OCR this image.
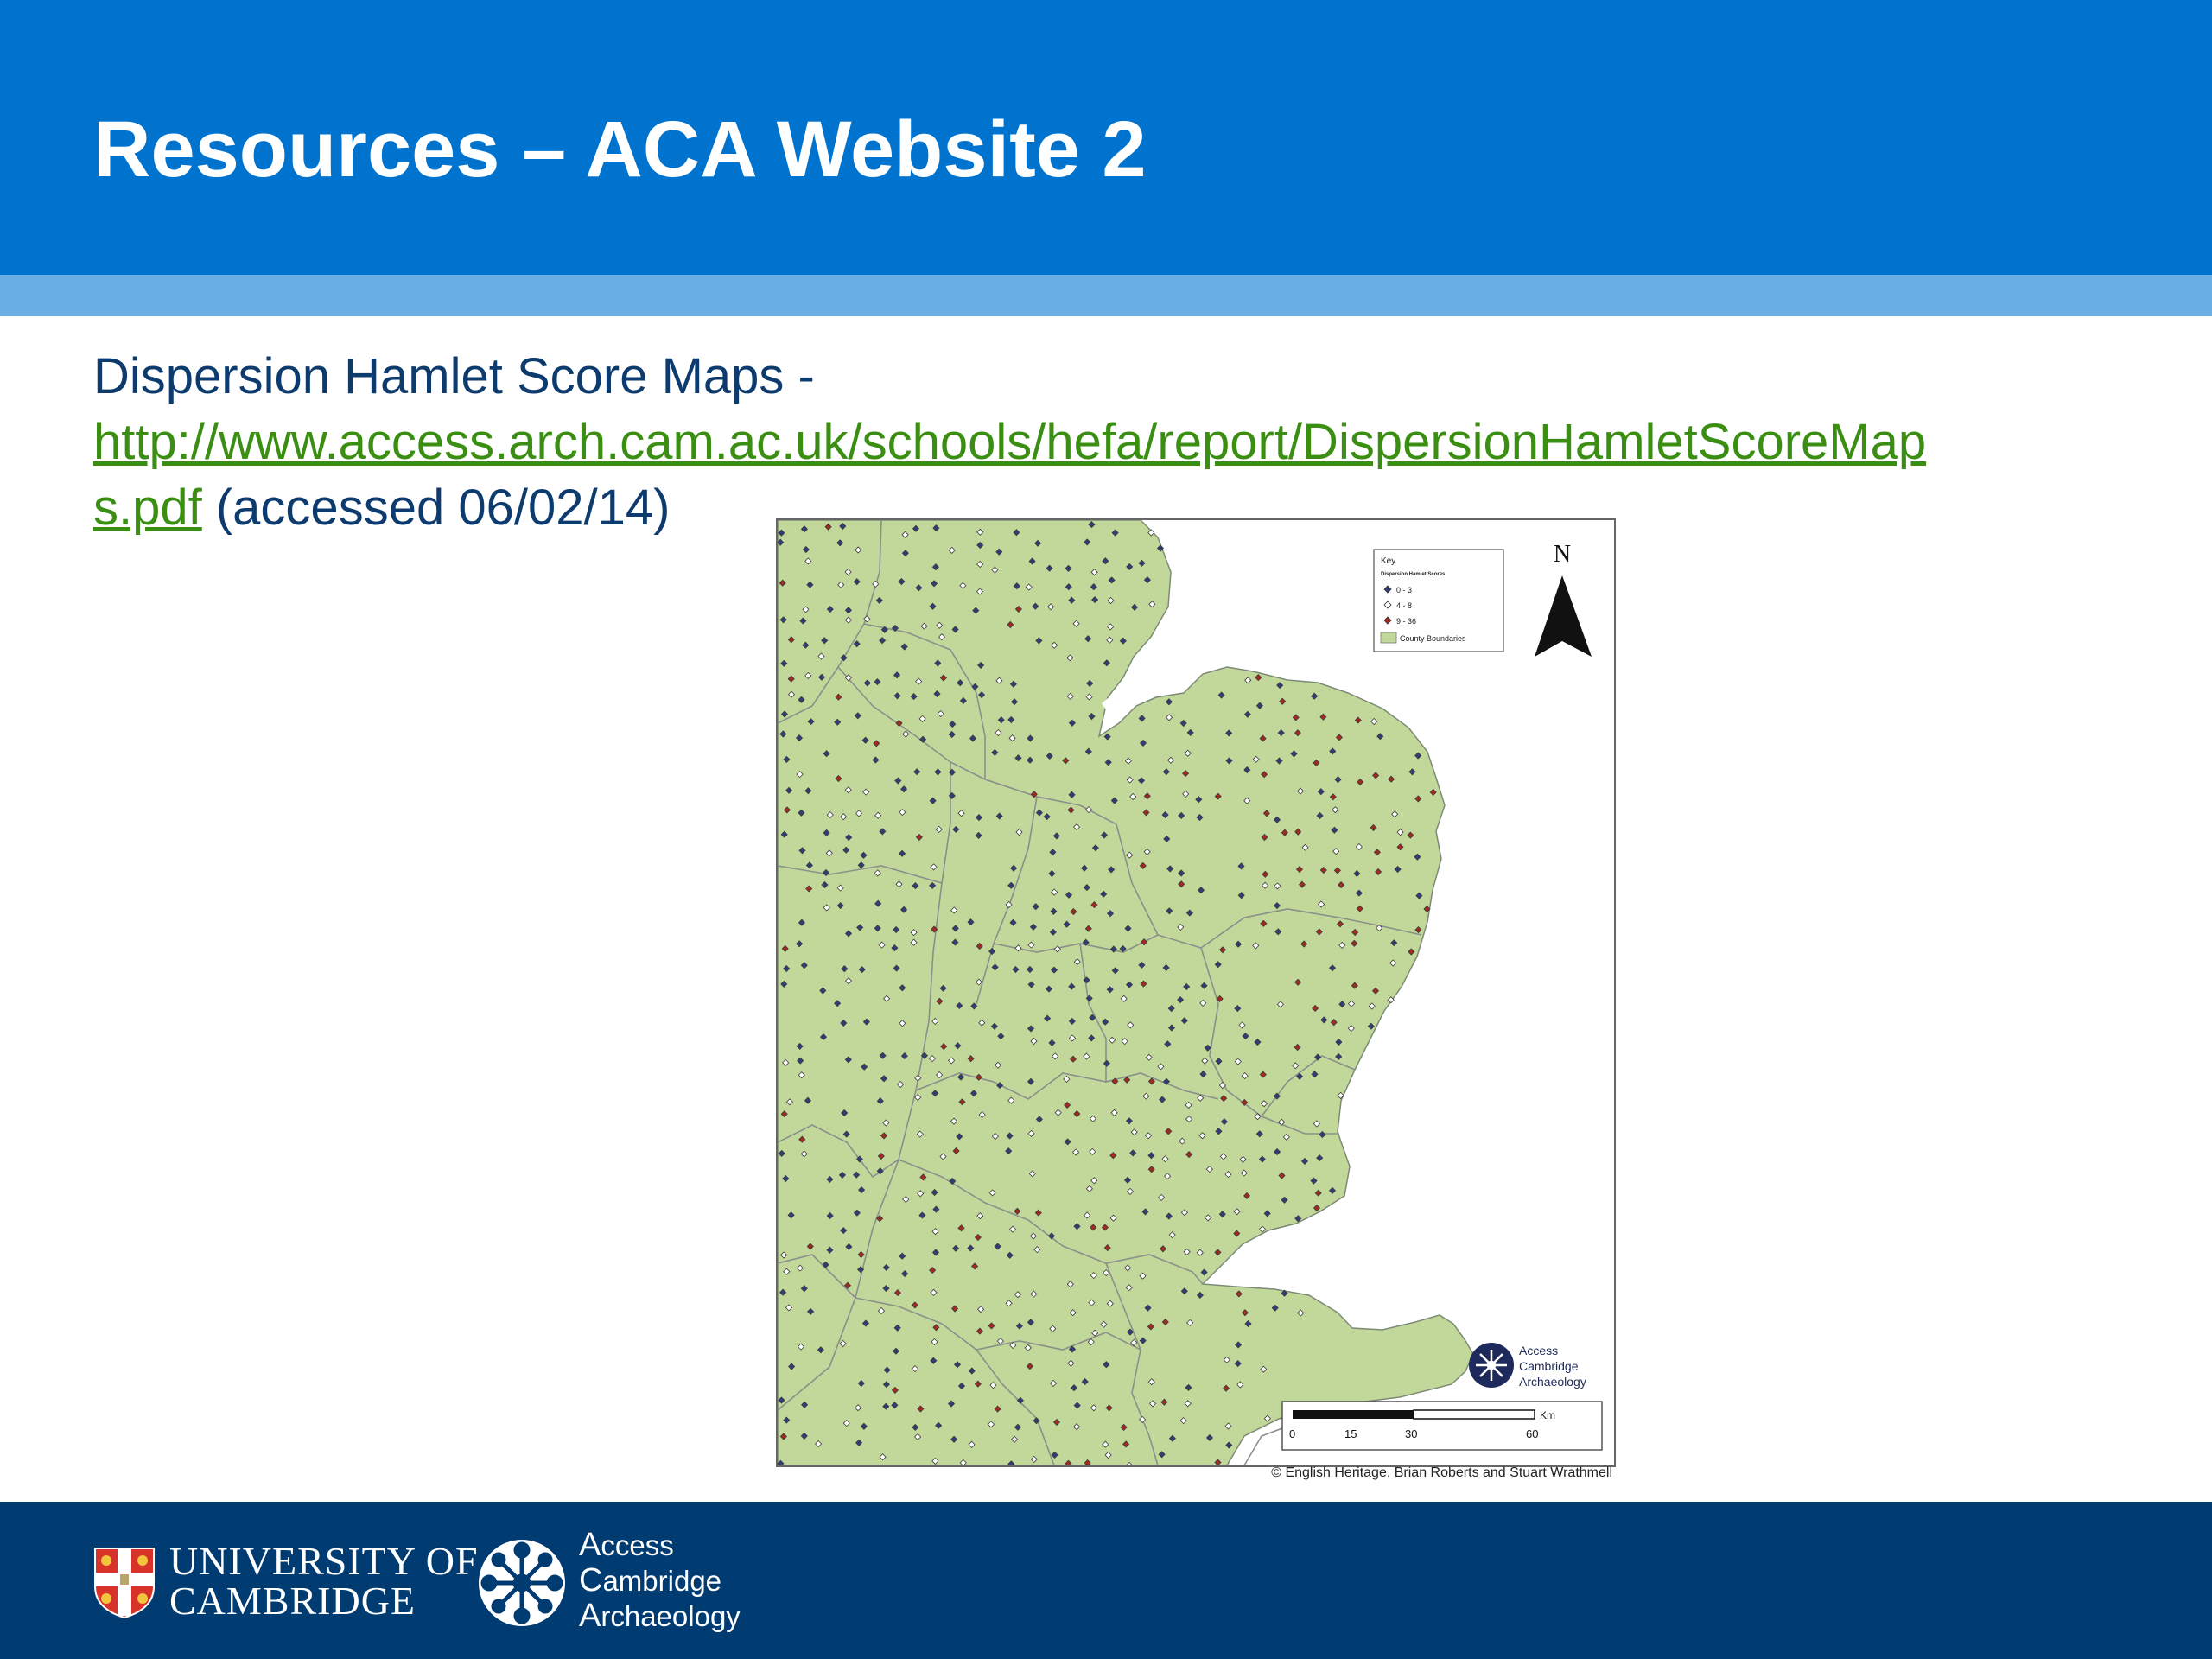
Resources – ACA Website 2
Dispersion Hamlet Score Maps -
http://www.access.arch.cam.ac.uk/schools/hefa/report/DispersionHamletScoreMap
s.pdf (accessed 06/02/14)
Key
Dispersion Hamlet Scores
0 - 3
4 - 8
9 - 36
County Boundaries
N
Access
Cambridge
Archaeology
Km
0	15	30	60
© English Heritage, Brian Roberts and Stuart Wrathmell
UNIVERSITY OF
CAMBRIDGE
Access
Cambridge
Archaeology
